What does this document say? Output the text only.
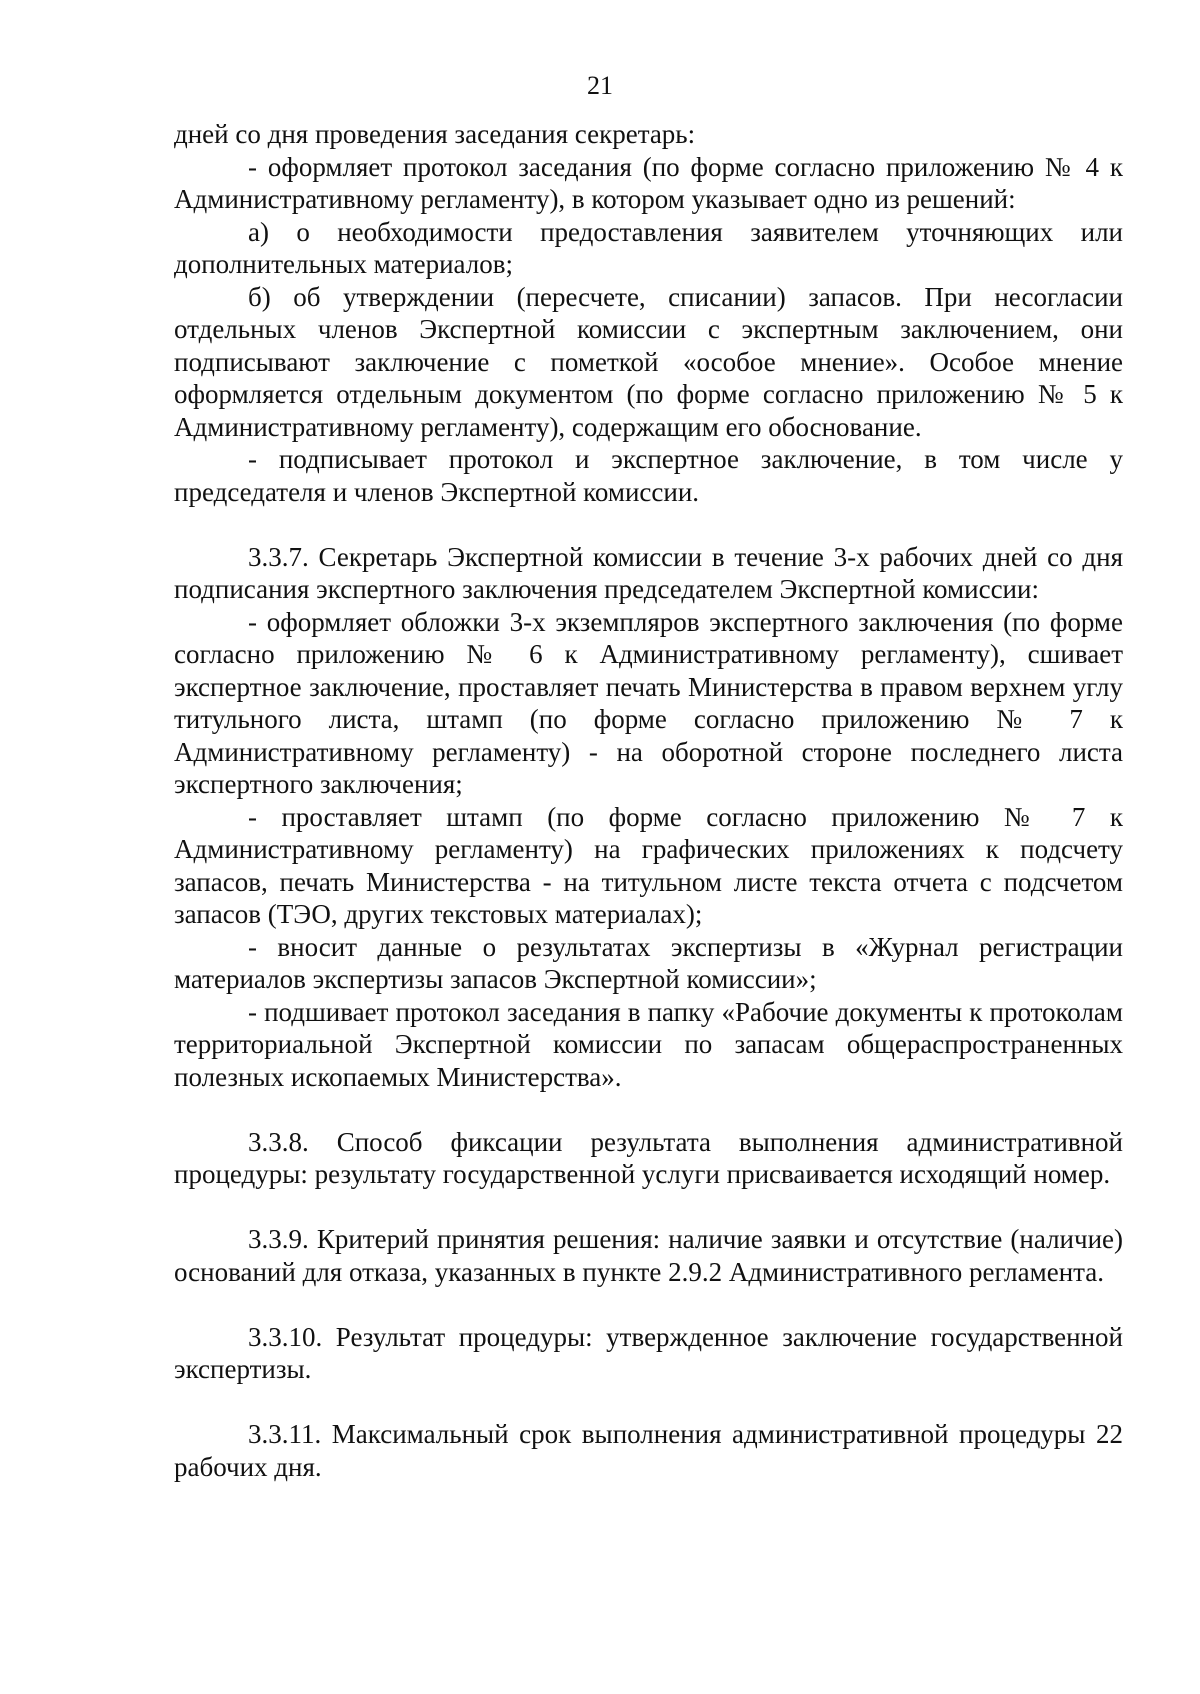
21

дней со дня проведения заседания секретарь:

- оформляет протокол заседания (по форме согласно приложению № 4 к Административному регламенту), в котором указывает одно из решений:

а) о необходимости предоставления заявителем уточняющих или дополнительных материалов;

б) об утверждении (пересчете, списании) запасов. При несогласии отдельных членов Экспертной комиссии с экспертным заключением, они подписывают заключение с пометкой «особое мнение». Особое мнение оформляется отдельным документом (по форме согласно приложению № 5 к Административному регламенту), содержащим его обоснование.

- подписывает протокол и экспертное заключение, в том числе у председателя и членов Экспертной комиссии.

3.3.7. Секретарь Экспертной комиссии в течение 3-х рабочих дней со дня подписания экспертного заключения председателем Экспертной комиссии:

- оформляет обложки 3-х экземпляров экспертного заключения (по форме согласно приложению № 6 к Административному регламенту), сшивает экспертное заключение, проставляет печать Министерства в правом верхнем углу титульного листа, штамп (по форме согласно приложению № 7 к Административному регламенту) - на оборотной стороне последнего листа экспертного заключения;

- проставляет штамп (по форме согласно приложению № 7 к Административному регламенту) на графических приложениях к подсчету запасов, печать Министерства - на титульном листе текста отчета с подсчетом запасов (ТЭО, других текстовых материалах);

- вносит данные о результатах экспертизы в «Журнал регистрации материалов экспертизы запасов Экспертной комиссии»;

- подшивает протокол заседания в папку «Рабочие документы к протоколам территориальной Экспертной комиссии по запасам общераспространенных полезных ископаемых Министерства».

3.3.8. Способ фиксации результата выполнения административной процедуры: результату государственной услуги присваивается исходящий номер.

3.3.9. Критерий принятия решения: наличие заявки и отсутствие (наличие) оснований для отказа, указанных в пункте 2.9.2 Административного регламента.

3.3.10. Результат процедуры: утвержденное заключение государственной экспертизы.

3.3.11. Максимальный срок выполнения административной процедуры 22 рабочих дня.
